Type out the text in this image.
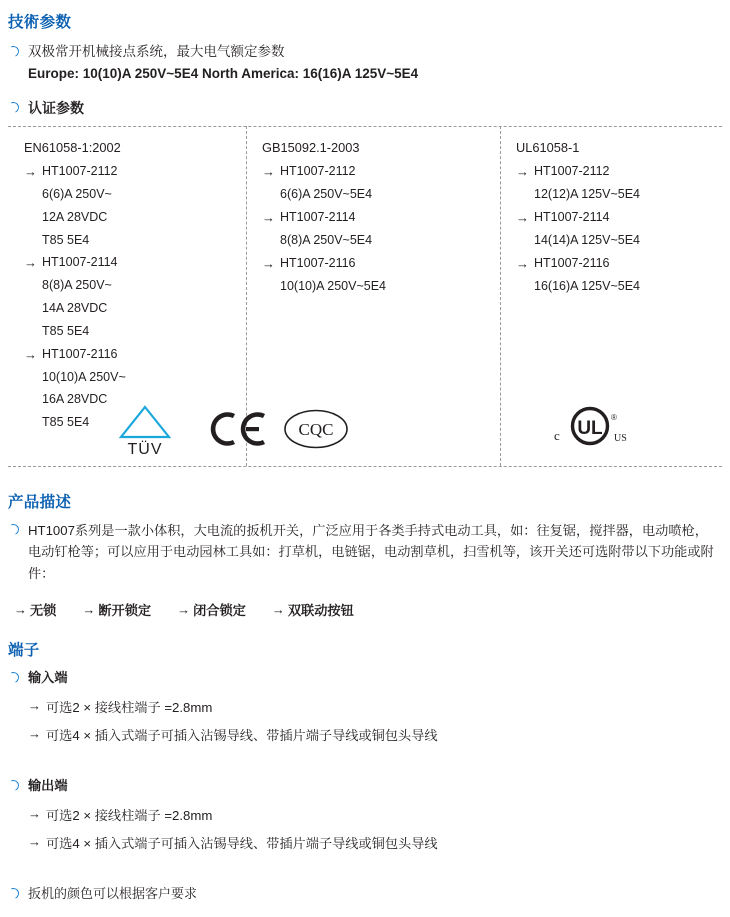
技術参数
双极常开机械接点系统，最大电气额定参数
Europe: 10(10)A 250V~5E4 North America: 16(16)A 125V~5E4
认证参数
EN61058-1:2002
→ HT1007-2112
6(6)A 250V~
12A 28VDC
T85 5E4
→ HT1007-2114
8(8)A 250V~
14A 28VDC
T85 5E4
→ HT1007-2116
10(10)A 250V~
16A 28VDC
T85 5E4
GB15092.1-2003
→ HT1007-2112
6(6)A 250V~5E4
→ HT1007-2114
8(8)A 250V~5E4
→ HT1007-2116
10(10)A 250V~5E4
UL61058-1
→ HT1007-2112
12(12)A 125V~5E4
→ HT1007-2114
14(14)A 125V~5E4
→ HT1007-2116
16(16)A 125V~5E4
TÜV
CQC	c UL
®
US
产品描述
HT1007系列是一款小体积，大电流的扳机开关，广泛应用于各类手持式电动工具，如：往复锯，搅拌器，电动喷枪，电动钉枪等；可以应用于电动园林工具如：打草机，电链锯，电动割草机，扫雪机等，该开关还可选附带以下功能或附件：
→ 无锁 → 断开锁定 → 闭合锁定 → 双联动按钮
端子
输入端
→ 可选2 × 接线柱端子 =2.8mm
→ 可选4 × 插入式端子可插入沾锡导线、带插片端子导线或铜包头导线
输出端
→ 可选2 × 接线柱端子 =2.8mm
→ 可选4 × 插入式端子可插入沾锡导线、带插片端子导线或铜包头导线
扳机的颜色可以根据客户要求
